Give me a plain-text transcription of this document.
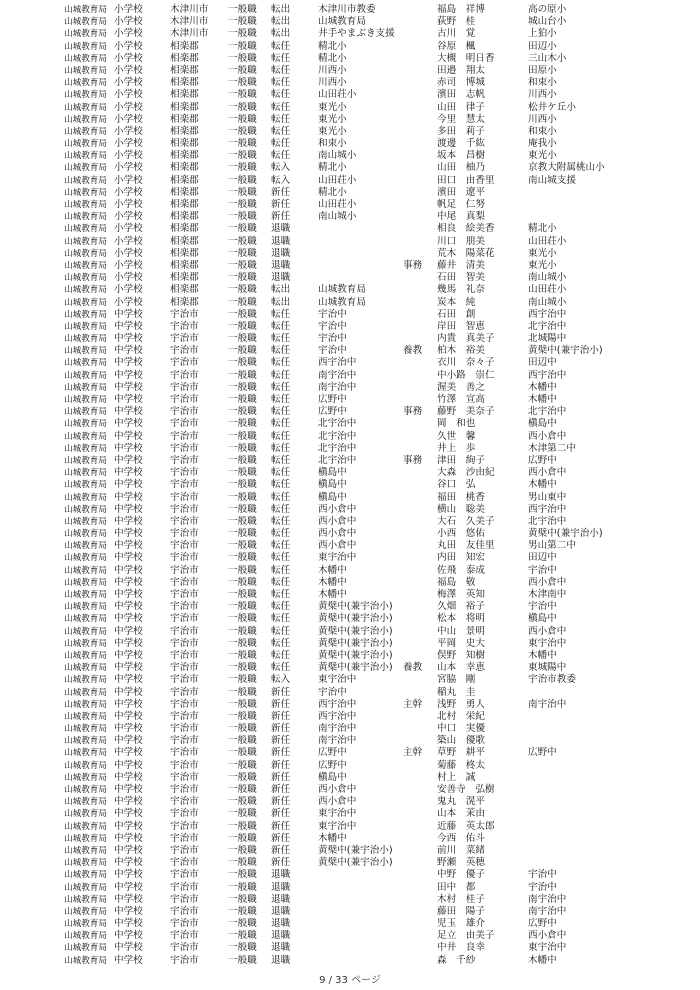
山城教育局 小学校	木津川市 一般職 転出	木津川市教委	福島　祥博	高の原小
山城教育局 小学校	木津川市 一般職 転出	山城教育局	荻野　桂	城山台小
山城教育局 小学校	木津川市 一般職 転出	井手やまぶき支援	古川　覚	上狛小
山城教育局 小学校	相楽郡	一般職 転任	精北小	谷原　楓	田辺小
山城教育局 小学校	相楽郡	一般職 転任	精北小	大槻　明日香	三山木小
山城教育局 小学校	相楽郡	一般職 転任	川西小	田邉　翔太	田原小
山城教育局 小学校	相楽郡	一般職 転任	川西小	赤司　博城	和束小
山城教育局 小学校	相楽郡	一般職 転任	山田荘小	濱田　志帆	川西小
山城教育局 小学校	相楽郡	一般職 転任	東光小	山田　律子	松井ケ丘小
山城教育局 小学校	相楽郡	一般職 転任	東光小	今里　慧太	川西小
山城教育局 小学校	相楽郡	一般職 転任	東光小	多田　莉子	和束小
山城教育局 小学校	相楽郡	一般職 転任	和束小	渡邊　千紘	庵我小
山城教育局 小学校	相楽郡	一般職 転任	南山城小	坂本　昌樹	東光小
山城教育局 小学校	相楽郡	一般職 転入	精北小	山田　柚乃	京教大附属桃山小
山城教育局 小学校	相楽郡	一般職 転入	山田荘小	田口　由香里	南山城支援
山城教育局 小学校	相楽郡	一般職 新任	精北小	濱田　遼平
山城教育局 小学校	相楽郡	一般職 新任	山田荘小	帆足　仁努
山城教育局 小学校	相楽郡	一般職 新任	南山城小	中尾　真梨
山城教育局 小学校	相楽郡	一般職 退職	相良　絵美香	精北小
山城教育局 小学校	相楽郡	一般職 退職	川口　朋美	山田荘小
山城教育局 小学校	相楽郡	一般職 退職	荒木　陽菜花	東光小
山城教育局 小学校	相楽郡	一般職 退職	事務 藤井　清美	東光小
山城教育局 小学校	相楽郡	一般職 退職	石田　智美	南山城小
山城教育局 小学校	相楽郡	一般職 転出	山城教育局	幾馬　礼奈	山田荘小
山城教育局 小学校	相楽郡	一般職 転出	山城教育局	炭本　純	南山城小
山城教育局 中学校	宇治市	一般職 転任	宇治中	石田　創	西宇治中
山城教育局 中学校	宇治市	一般職 転任	宇治中	岸田　智恵	北宇治中
山城教育局 中学校	宇治市	一般職 転任	宇治中	内貴　真美子	北城陽中
山城教育局 中学校	宇治市	一般職 転任	宇治中	養教 柏木　裕美	黄檗中(兼宇治小)
山城教育局 中学校	宇治市	一般職 転任	西宇治中	衣川　奈々子	田辺中
山城教育局 中学校	宇治市	一般職 転任	南宇治中	中小路　崇仁	西宇治中
山城教育局 中学校	宇治市	一般職 転任	南宇治中	渥美　善之	木幡中
山城教育局 中学校	宇治市	一般職 転任	広野中	竹澤　宣高	木幡中
山城教育局 中学校	宇治市	一般職 転任	広野中	事務 藤野　美奈子	北宇治中
山城教育局 中学校	宇治市	一般職 転任	北宇治中	岡　和也	槇島中
山城教育局 中学校	宇治市	一般職 転任	北宇治中	久世　馨	西小倉中
山城教育局 中学校	宇治市	一般職 転任	北宇治中	井上　歩	木津第二中
山城教育局 中学校	宇治市	一般職 転任	北宇治中	事務 津田　絢子	広野中
山城教育局 中学校	宇治市	一般職 転任	槇島中	大森　沙由紀	西小倉中
山城教育局 中学校	宇治市	一般職 転任	槇島中	谷口　弘	木幡中
山城教育局 中学校	宇治市	一般職 転任	槇島中	福田　桃香	男山東中
山城教育局 中学校	宇治市	一般職 転任	西小倉中	横山　聡美	西宇治中
山城教育局 中学校	宇治市	一般職 転任	西小倉中	大石　久美子	北宇治中
山城教育局 中学校	宇治市	一般職 転任	西小倉中	小西　悠佑	黄檗中(兼宇治小)
山城教育局 中学校	宇治市	一般職 転任	西小倉中	丸田　友佳里	男山第二中
山城教育局 中学校	宇治市	一般職 転任	東宇治中	内田　知宏	田辺中
山城教育局 中学校	宇治市	一般職 転任	木幡中	佐飛　泰成	宇治中
山城教育局 中学校	宇治市	一般職 転任	木幡中	福島　敬	西小倉中
山城教育局 中学校	宇治市	一般職 転任	木幡中	梅澤　英知	木津南中
山城教育局 中学校	宇治市	一般職 転任	黄檗中(兼宇治小)	久畑　裕子	宇治中
山城教育局 中学校	宇治市	一般職 転任	黄檗中(兼宇治小)	松本　将明	槇島中
山城教育局 中学校	宇治市	一般職 転任	黄檗中(兼宇治小)	中山　景明	西小倉中
山城教育局 中学校	宇治市	一般職 転任	黄檗中(兼宇治小)	平岡　史大	東宇治中
山城教育局 中学校	宇治市	一般職 転任	黄檗中(兼宇治小)	俣野　知樹	木幡中
山城教育局 中学校	宇治市	一般職 転任	黄檗中(兼宇治小) 養教 山本　幸恵	東城陽中
山城教育局 中学校	宇治市	一般職 転入	東宇治中	宮脇　剛	宇治市教委
山城教育局 中学校	宇治市	一般職 新任	宇治中	稲丸　圭
山城教育局 中学校	宇治市	一般職 新任	西宇治中	主幹 浅野　勇人	南宇治中
山城教育局 中学校	宇治市	一般職 新任	西宇治中	北村　栄紀
山城教育局 中学校	宇治市	一般職 新任	南宇治中	中口　実優
山城教育局 中学校	宇治市	一般職 新任	南宇治中	築山　優歌
山城教育局 中学校	宇治市	一般職 新任	広野中	主幹 草野　耕平	広野中
山城教育局 中学校	宇治市	一般職 新任	広野中	菊藤　柊太
山城教育局 中学校	宇治市	一般職 新任	槇島中	村上　誠
山城教育局 中学校	宇治市	一般職 新任	西小倉中	安善寺　弘樹
山城教育局 中学校	宇治市	一般職 新任	西小倉中	鬼丸　滉平
山城教育局 中学校	宇治市	一般職 新任	東宇治中	山本　茉由
山城教育局 中学校	宇治市	一般職 新任	東宇治中	近藤　英太郎
山城教育局 中学校	宇治市	一般職 新任	木幡中	今西　佑斗
山城教育局 中学校	宇治市	一般職 新任	黄檗中(兼宇治小)	前川　菜緒
山城教育局 中学校	宇治市	一般職 新任	黄檗中(兼宇治小)	野瀬　英穂
山城教育局 中学校	宇治市	一般職 退職	中野　優子	宇治中
山城教育局 中学校	宇治市	一般職 退職	田中　都	宇治中
山城教育局 中学校	宇治市	一般職 退職	木村　桂子	南宇治中
山城教育局 中学校	宇治市	一般職 退職	藤田　陽子	南宇治中
山城教育局 中学校	宇治市	一般職 退職	児玉　雄介	広野中
山城教育局 中学校	宇治市	一般職 退職	足立　由美子	西小倉中
山城教育局 中学校	宇治市	一般職 退職	中井　良幸	東宇治中
山城教育局 中学校	宇治市	一般職 退職	森　千紗	木幡中
9 / 33 ページ
